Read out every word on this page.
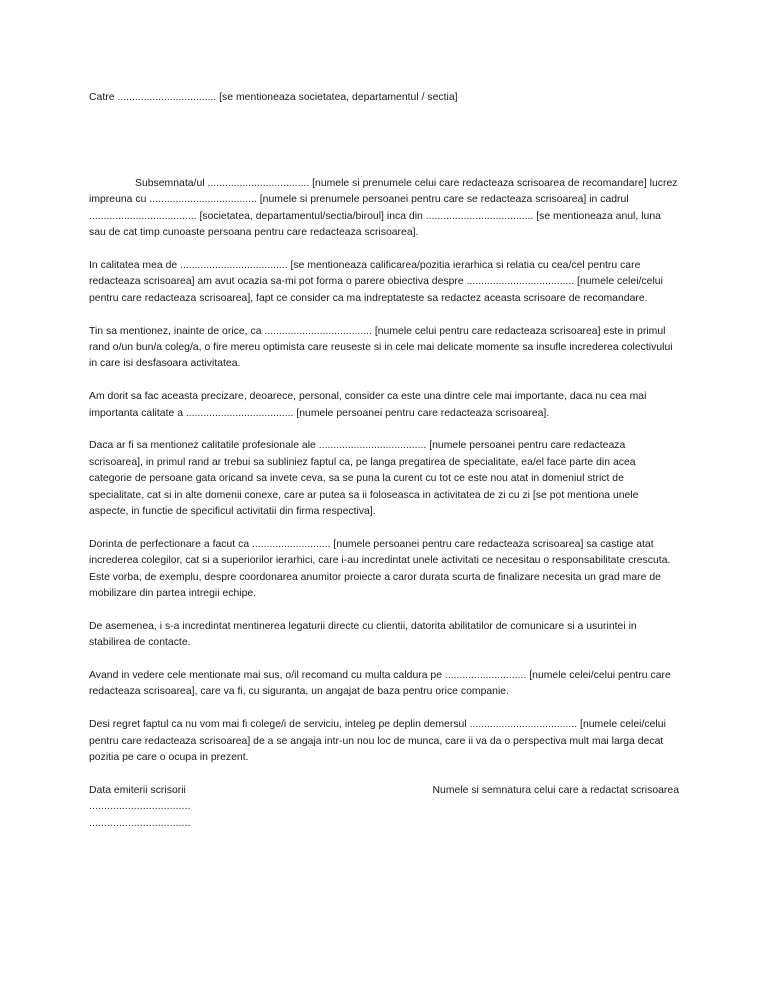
Catre .................................. [se mentioneaza societatea, departamentul / sectia]

Subsemnata/ul ................................... [numele si prenumele celui care redacteaza scrisoarea de recomandare] lucrez impreuna cu ..................................... [numele si prenumele persoanei pentru care se redacteaza scrisoarea] in cadrul ..................................... [societatea, departamentul/sectia/biroul] inca din ..................................... [se mentioneaza anul, luna sau de cat timp cunoaste persoana pentru care redacteaza scrisoarea].

In calitatea mea de ..................................... [se mentioneaza calificarea/pozitia ierarhica si relatia cu cea/cel pentru care redacteaza scrisoarea] am avut ocazia sa-mi pot forma o parere obiectiva despre ..................................... [numele celei/celui pentru care redacteaza scrisoarea], fapt ce consider ca ma indreptateste sa redactez aceasta scrisoare de recomandare.

Tin sa mentionez, inainte de orice, ca ..................................... [numele celui pentru care redacteaza scrisoarea] este in primul rand o/un bun/a coleg/a, o fire mereu optimista care reuseste si in cele mai delicate momente sa insufle increderea colectivului in care isi desfasoara activitatea.

Am dorit sa fac aceasta precizare, deoarece, personal, consider ca este una dintre cele mai importante, daca nu cea mai importanta calitate a ..................................... [numele persoanei pentru care redacteaza scrisoarea].

Daca ar fi sa mentionez calitatile profesionale ale ..................................... [numele persoanei pentru care redacteaza scrisoarea], in primul rand ar trebui sa subliniez faptul ca, pe langa pregatirea de specialitate, ea/el face parte din acea categorie de persoane gata oricand sa invete ceva, sa se puna la curent cu tot ce este nou atat in domeniul strict de specialitate, cat si in alte domenii conexe, care ar putea sa ii foloseasca in activitatea de zi cu zi [se pot mentiona unele aspecte, in functie de specificul activitatii din firma respectiva].

Dorinta de perfectionare a facut ca ........................... [numele persoanei pentru care redacteaza scrisoarea] sa castige atat increderea colegilor, cat si a superiorilor ierarhici, care i-au incredintat unele activitati ce necesitau o responsabilitate crescuta. Este vorba, de exemplu, despre coordonarea anumitor proiecte a caror durata scurta de finalizare necesita un grad mare de mobilizare din partea intregii echipe.

De asemenea, i s-a incredintat mentinerea legaturii directe cu clientii, datorita abilitatilor de comunicare si a usurintei in stabilirea de contacte.

Avand in vedere cele mentionate mai sus, o/il recomand cu multa caldura pe ............................ [numele celei/celui pentru care redacteaza scrisoarea], care va fi, cu siguranta, un angajat de baza pentru orice companie.

Desi regret faptul ca nu vom mai fi colege/i de serviciu, inteleg pe deplin demersul ..................................... [numele celei/celui pentru care redacteaza scrisoarea] de a se angaja intr-un nou loc de munca, care ii va da o perspectiva mult mai larga decat pozitia pe care o ocupa in prezent.

Data emiterii scrisorii
..................................
..................................
Numele si semnatura celui care a redactat scrisoarea
